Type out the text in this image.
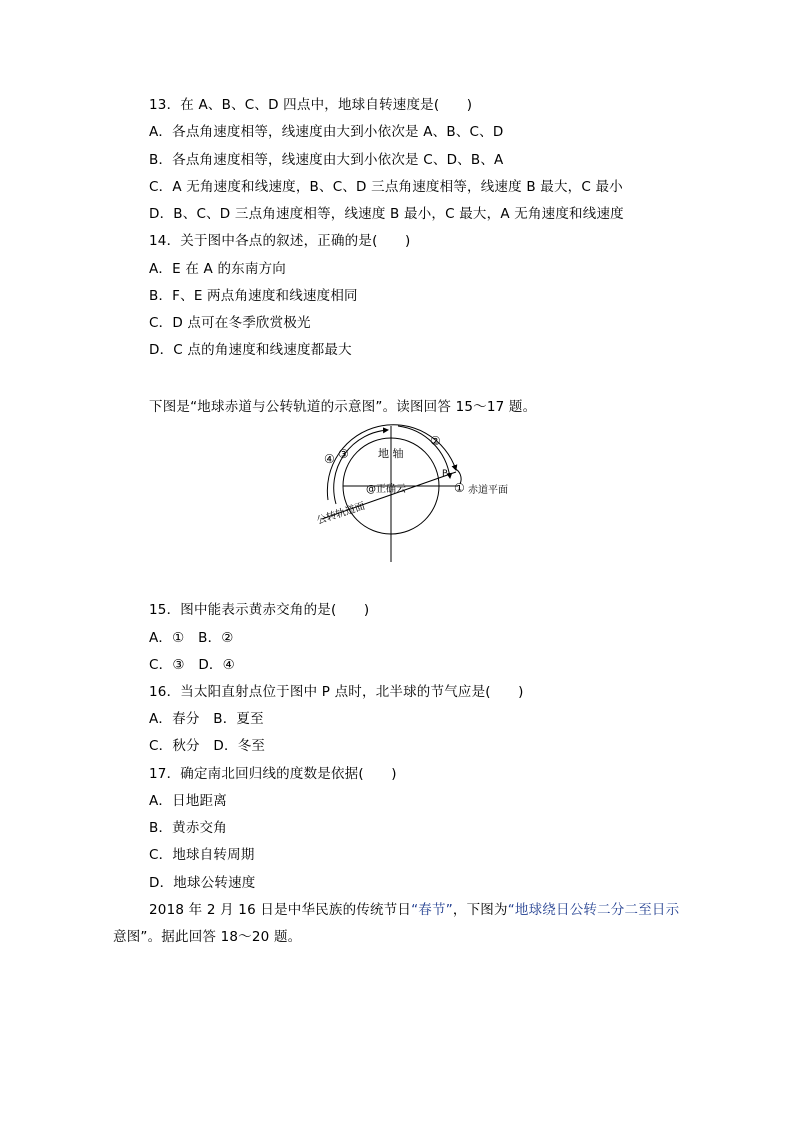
13．在 A、B、C、D 四点中，地球自转速度是(　　)
A．各点角速度相等，线速度由大到小依次是 A、B、C、D
B．各点角速度相等，线速度由大到小依次是 C、D、B、A
C．A 无角速度和线速度，B、C、D 三点角速度相等，线速度 B 最大，C 最小
D．B、C、D 三点角速度相等，线速度 B 最小，C 最大，A 无角速度和线速度
14．关于图中各点的叙述，正确的是(　　)
A．E 在 A 的东南方向
B．F、E 两点角速度和线速度相同
C．D 点可在冬季欣赏极光
D．C 点的角速度和线速度都最大
下图是“地球赤道与公转轨道的示意图”。读图回答 15～17 题。
地 轴
@正确云
P
赤道平面
公转轨道面
②
④ ③
①
15．图中能表示黄赤交角的是(　　)
A．①　B．②
C．③　D．④
16．当太阳直射点位于图中 P 点时，北半球的节气应是(　　)
A．春分　B．夏至
C．秋分　D．冬至
17．确定南北回归线的度数是依据(　　)
A．日地距离
B．黄赤交角
C．地球自转周期
D．地球公转速度
2018 年 2 月 16 日是中华民族的传统节日“春节”，下图为“地球绕日公转二分二至日示
意图”。据此回答 18～20 题。
